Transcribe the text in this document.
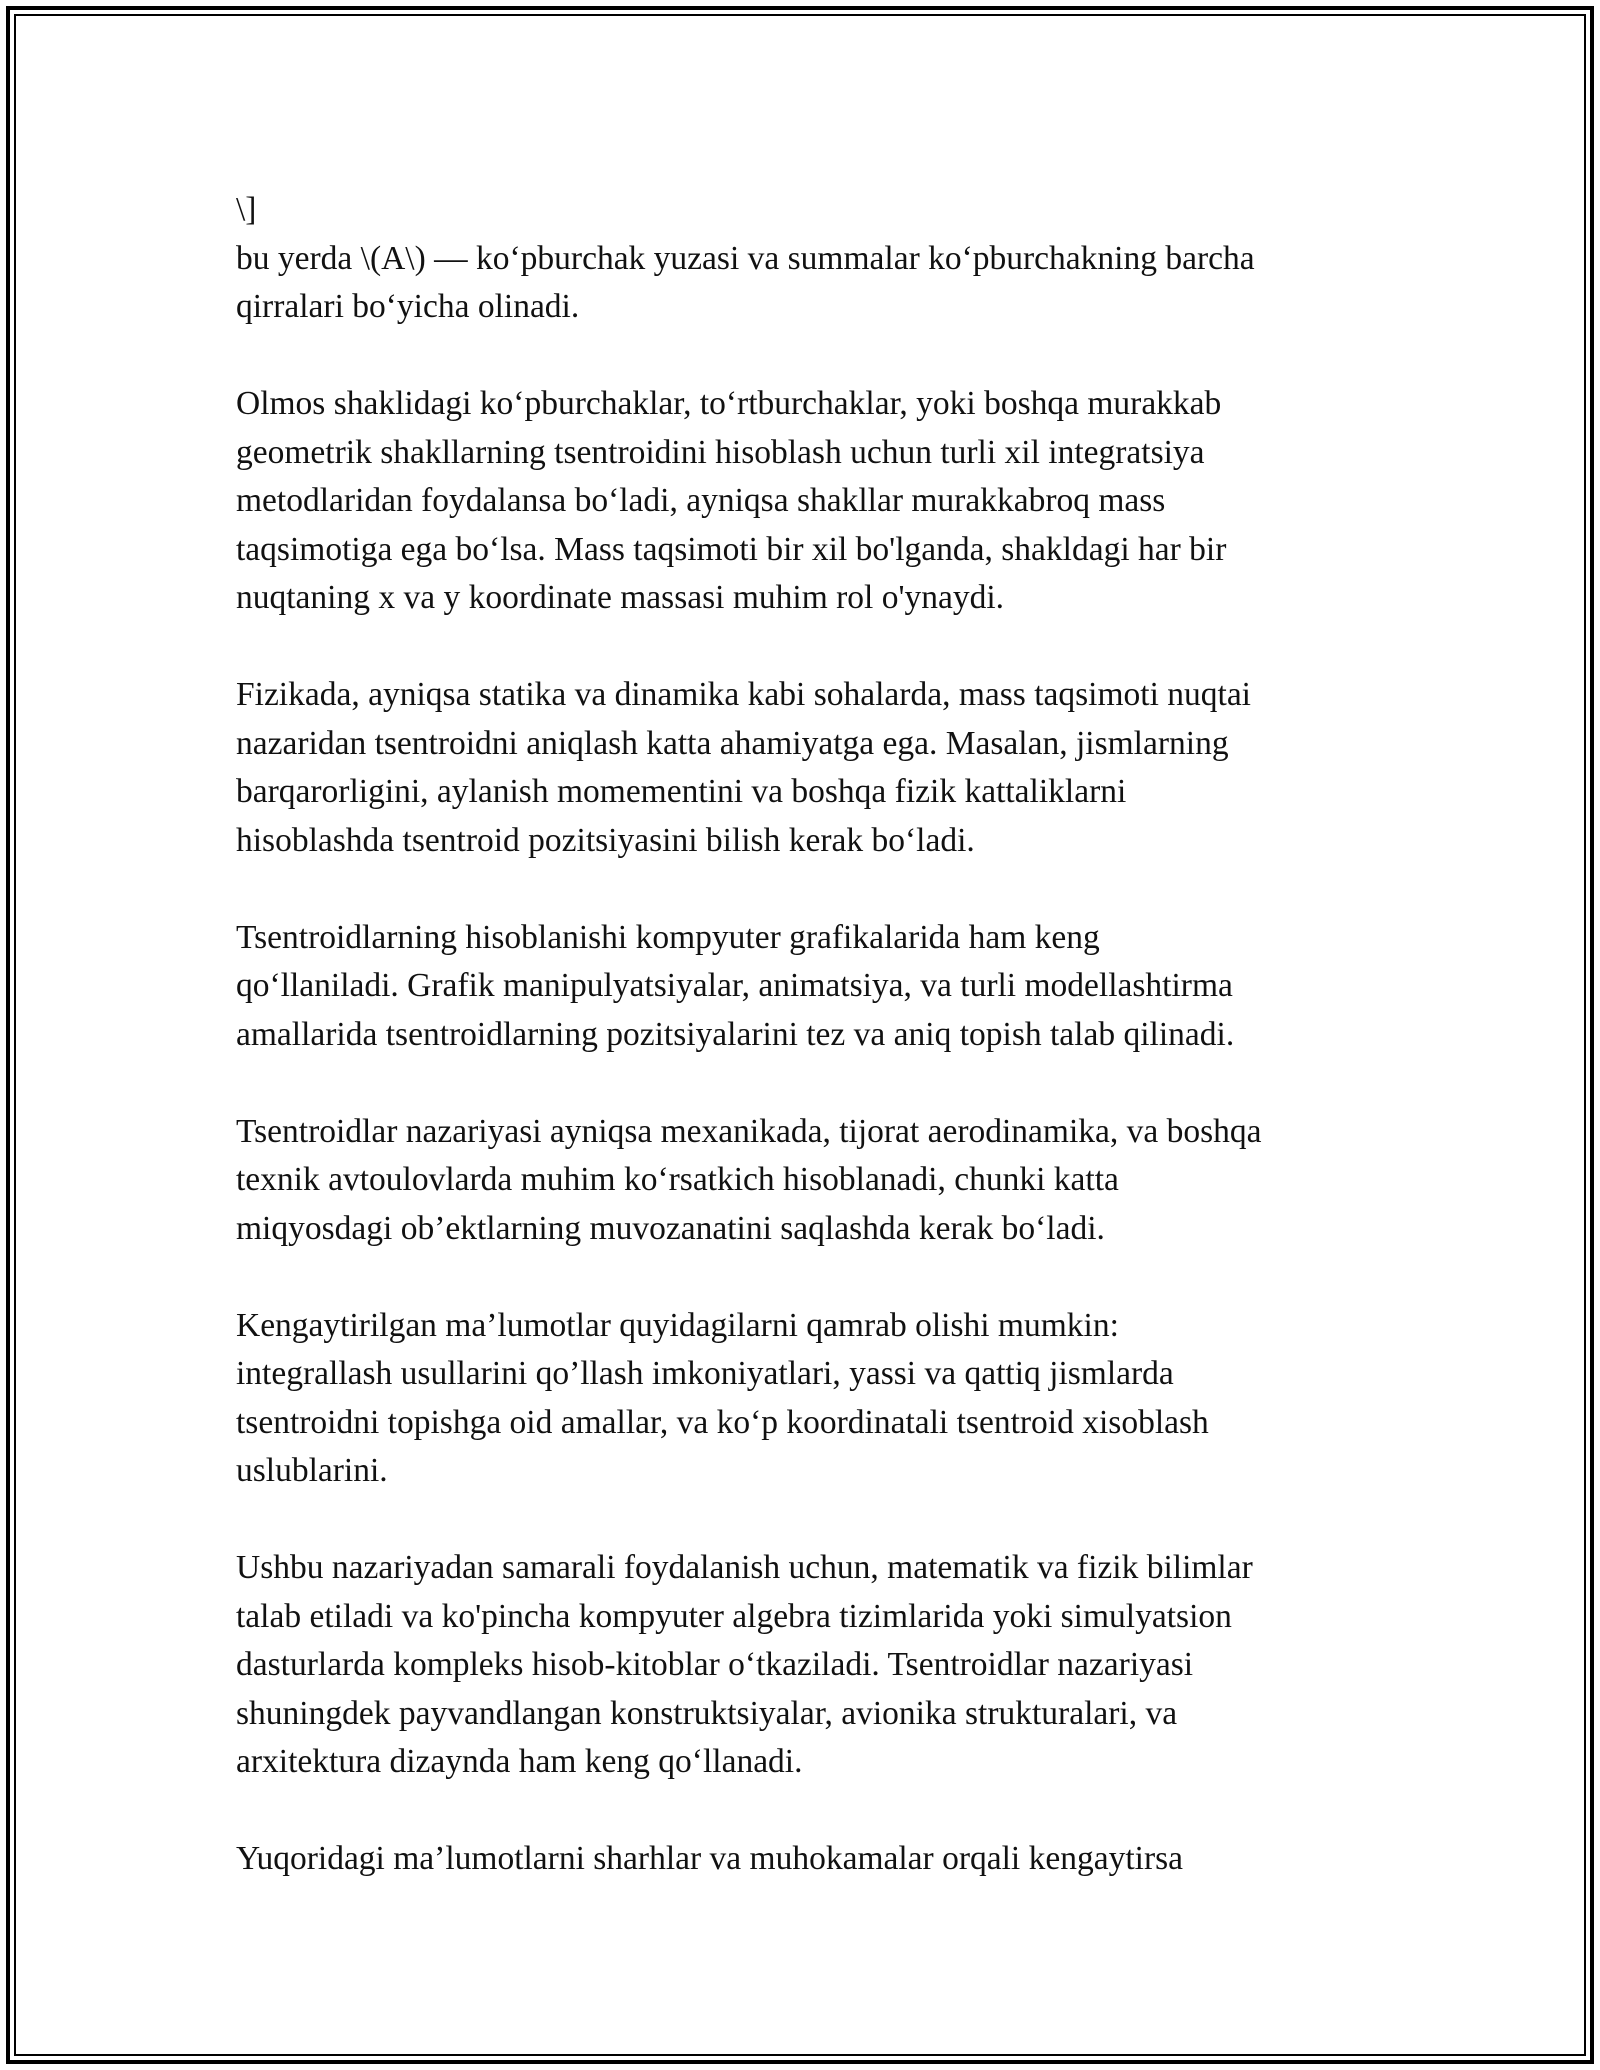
\]
bu yerda \(A\) — ko‘pburchak yuzasi va summalar ko‘pburchakning barcha
qirralari bo‘yicha olinadi.

Olmos shaklidagi ko‘pburchaklar, to‘rtburchaklar, yoki boshqa murakkab
geometrik shakllarning tsentroidini hisoblash uchun turli xil integratsiya
metodlaridan foydalansa bo‘ladi, ayniqsa shakllar murakkabroq mass
taqsimotiga ega bo‘lsa. Mass taqsimoti bir xil bo'lganda, shakldagi har bir
nuqtaning x va y koordinate massasi muhim rol o'ynaydi.

Fizikada, ayniqsa statika va dinamika kabi sohalarda, mass taqsimoti nuqtai
nazaridan tsentroidni aniqlash katta ahamiyatga ega. Masalan, jismlarning
barqarorligini, aylanish momementini va boshqa fizik kattaliklarni
hisoblashda tsentroid pozitsiyasini bilish kerak bo‘ladi.

Tsentroidlarning hisoblanishi kompyuter grafikalarida ham keng
qo‘llaniladi. Grafik manipulyatsiyalar, animatsiya, va turli modellashtirma
amallarida tsentroidlarning pozitsiyalarini tez va aniq topish talab qilinadi.

Tsentroidlar nazariyasi ayniqsa mexanikada, tijorat aerodinamika, va boshqa
texnik avtoulovlarda muhim ko‘rsatkich hisoblanadi, chunki katta
miqyosdagi ob’ektlarning muvozanatini saqlashda kerak bo‘ladi.

Kengaytirilgan ma’lumotlar quyidagilarni qamrab olishi mumkin:
integrallash usullarini qo’llash imkoniyatlari, yassi va qattiq jismlarda
tsentroidni topishga oid amallar, va ko‘p koordinatali tsentroid xisoblash
uslublarini.

Ushbu nazariyadan samarali foydalanish uchun, matematik va fizik bilimlar
talab etiladi va ko'pincha kompyuter algebra tizimlarida yoki simulyatsion
dasturlarda kompleks hisob-kitoblar o‘tkaziladi. Tsentroidlar nazariyasi
shuningdek payvandlangan konstruktsiyalar, avionika strukturalari, va
arxitektura dizaynda ham keng qo‘llanadi.

Yuqoridagi ma’lumotlarni sharhlar va muhokamalar orqali kengaytirsa
